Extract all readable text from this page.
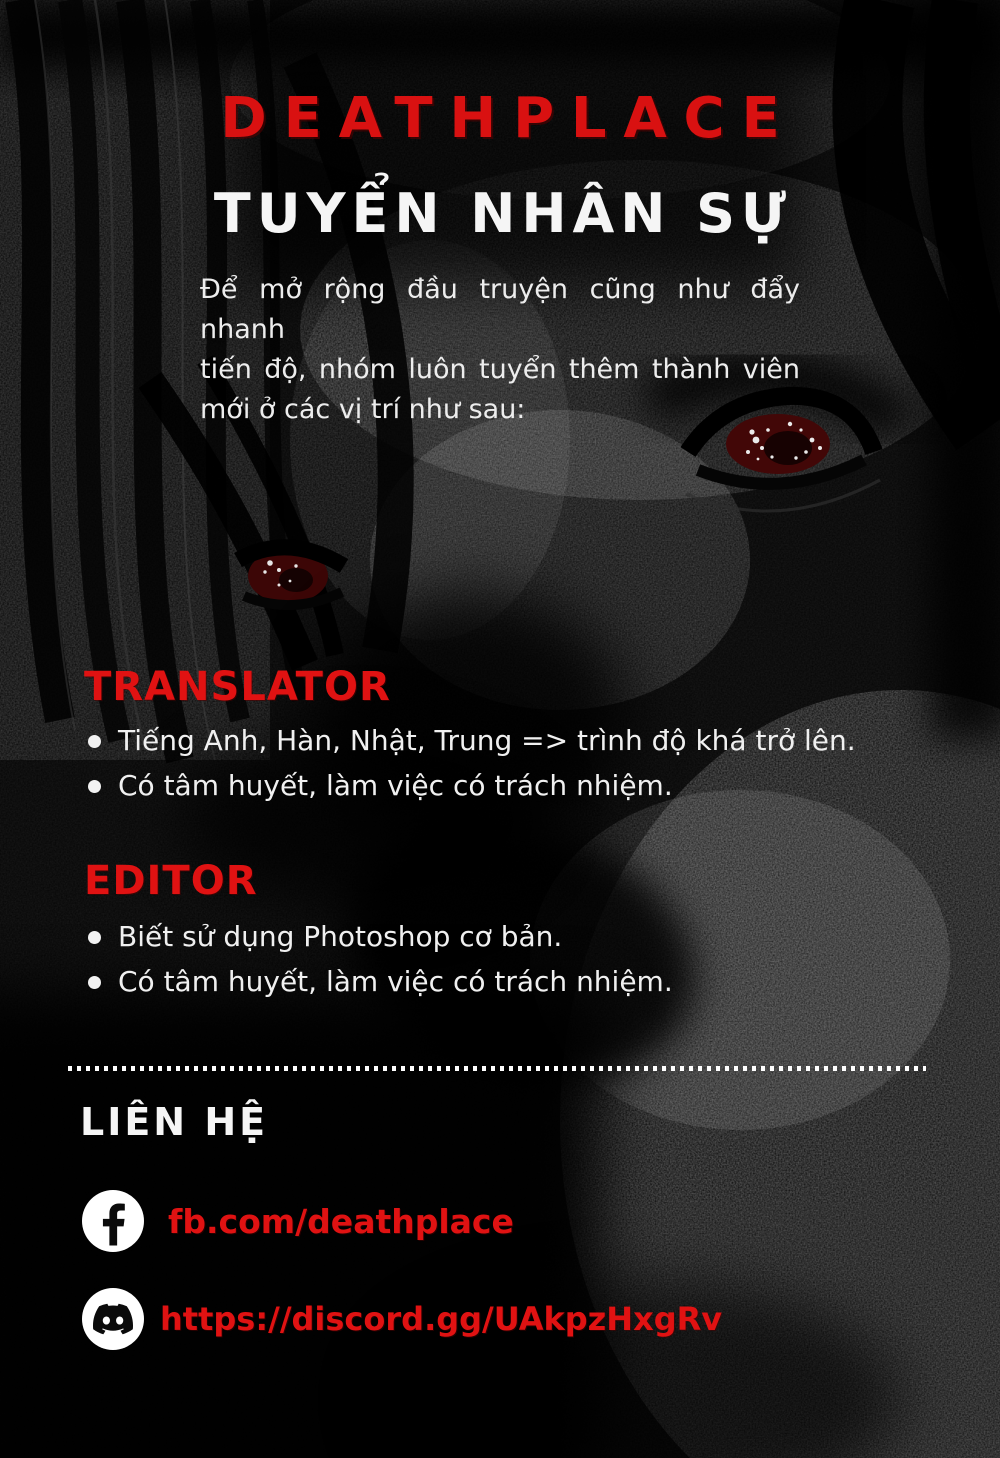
DEATHPLACE
TUYỂN NHÂN SỰ
Để mở rộng đầu truyện cũng như đẩy nhanh
tiến độ, nhóm luôn tuyển thêm thành viên
mới ở các vị trí như sau:
TRANSLATOR
Tiếng Anh, Hàn, Nhật, Trung => trình độ khá trở lên.
Có tâm huyết, làm việc có trách nhiệm.
EDITOR
Biết sử dụng Photoshop cơ bản.
Có tâm huyết, làm việc có trách nhiệm.
LIÊN HỆ
fb.com/deathplace
https://discord.gg/UAkpzHxgRv
